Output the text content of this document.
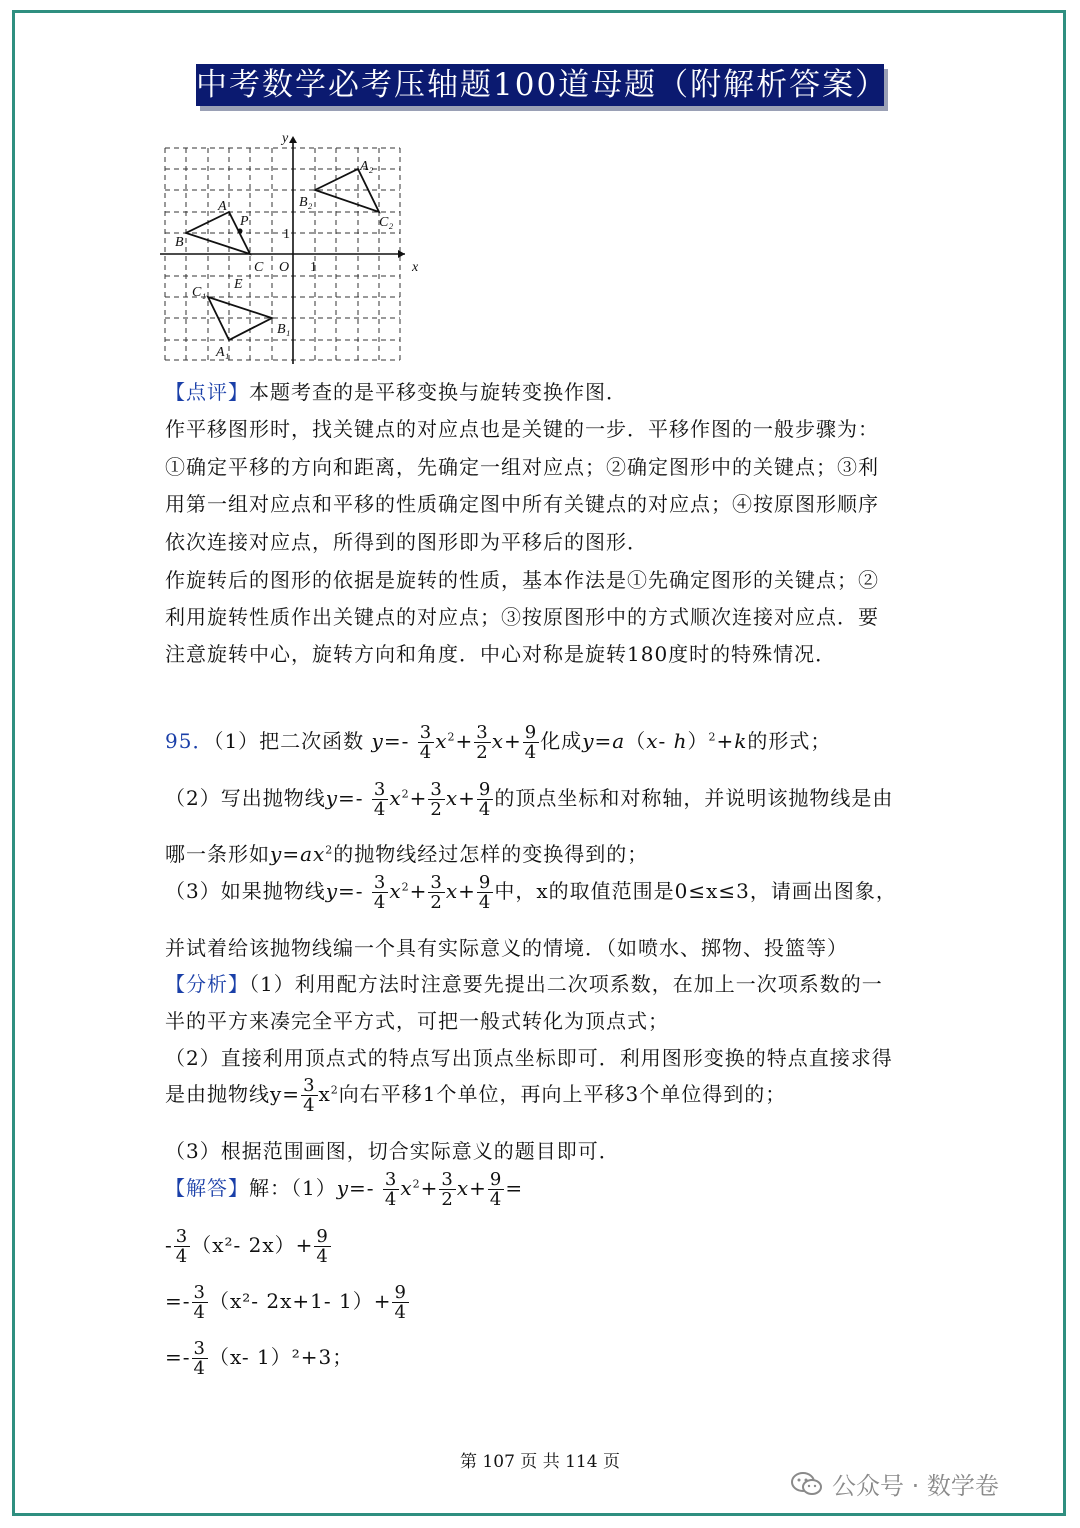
中考数学必考压轴题100道母题（附解析答案）
x
y
O 1
1
A
B
C
P
E
A₁
B₁
C₁
A₂
B₂
C₂
【点评】本题考查的是平移变换与旋转变换作图．
作平移图形时，找关键点的对应点也是关键的一步．平移作图的一般步骤为：
①确定平移的方向和距离，先确定一组对应点；②确定图形中的关键点；③利
用第一组对应点和平移的性质确定图中所有关键点的对应点；④按原图形顺序
依次连接对应点，所得到的图形即为平移后的图形．
作旋转后的图形的依据是旋转的性质，基本作法是①先确定图形的关键点；②
利用旋转性质作出关键点的对应点；③按原图形中的方式顺次连接对应点．要
注意旋转中心，旋转方向和角度．中心对称是旋转180度时的特殊情况．
95．（1）把二次函数 $y=- \frac{3}{4} x^2+ \frac{3}{2} x+ \frac{9}{4}$ 化成y=a（x- h）$^2$+k的形式；
（2）写出抛物线$y=- \frac{3}{4} x^2+ \frac{3}{2} x+ \frac{9}{4}$ 的顶点坐标和对称轴，并说明该抛物线是由
哪一条形如$y=ax^2$的抛物线经过怎样的变换得到的；
（3）如果抛物线$y=- \frac{3}{4} x^2+ \frac{3}{2} x+ \frac{9}{4}$ 中，x的取值范围是0≤x≤3，请画出图象，
并试着给该抛物线编一个具有实际意义的情境．（如喷水、掷物、投篮等）
【分析】（1）利用配方法时注意要先提出二次项系数，在加上一次项系数的一
半的平方来凑完全平方式，可把一般式转化为顶点式；
（2）直接利用顶点式的特点写出顶点坐标即可．利用图形变换的特点直接求得
是由抛物线$y= \frac{3}{4} x^2$向右平移1个单位，再向上平移3个单位得到的；
（3）根据范围画图，切合实际意义的题目即可．
【解答】解：$(1)y=- \frac{3}{4} x^2+ \frac{3}{2} x+ \frac{9}{4}$ =
- $\frac{3}{4} (x^2-$ $2x)+ \frac{9}{4}$
=- $\frac{3}{4} (x^2-$ 2x+1- $1)+ \frac{9}{4}$
=- $\frac{3}{4} (x-$ 1）²+3；
第 107 页 共 114 页
公众号 · 数学卷
